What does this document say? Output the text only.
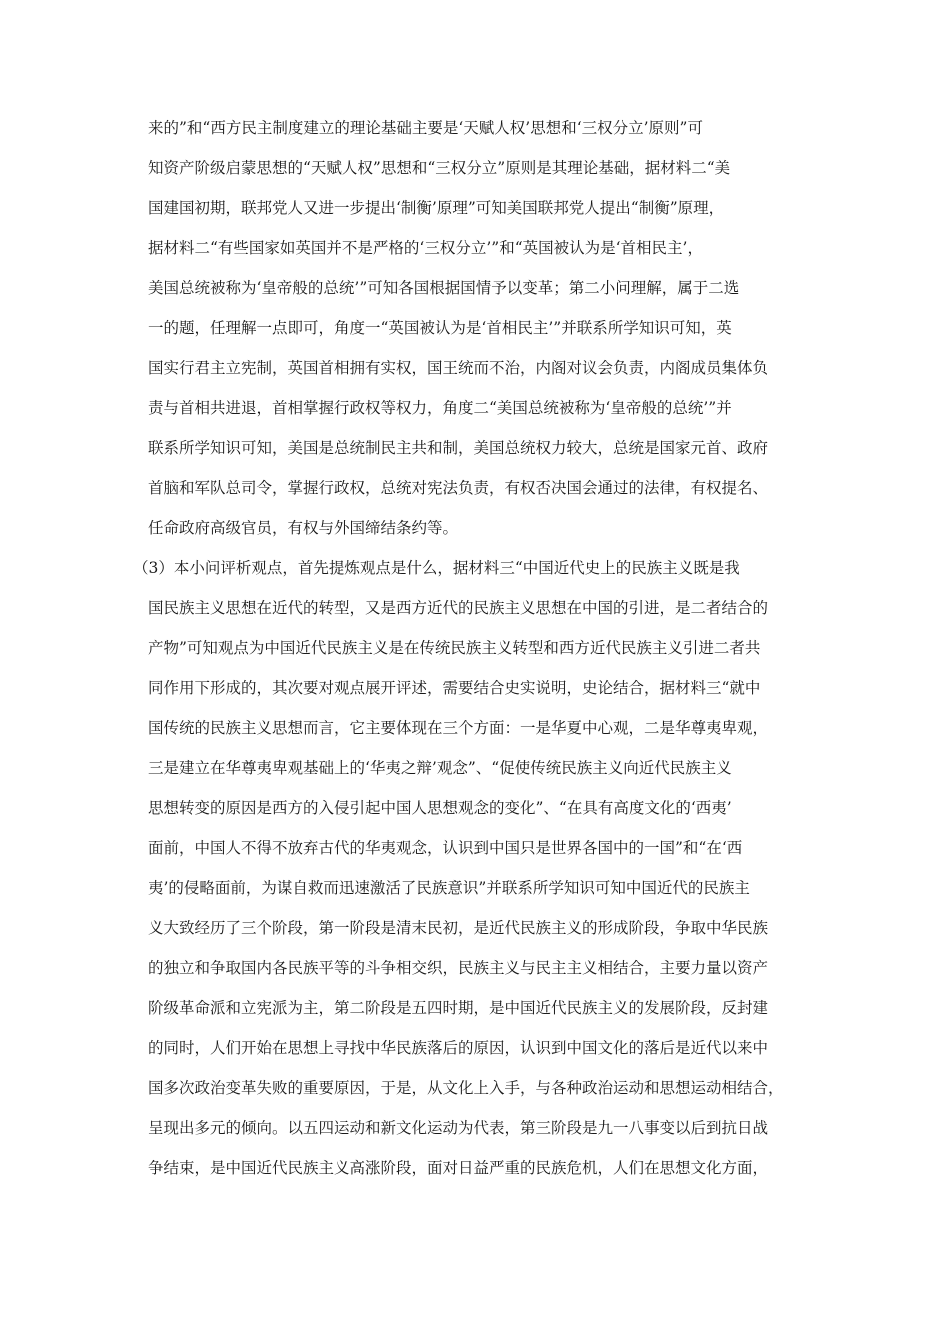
来的”和“西方民主制度建立的理论基础主要是‘天赋人权’思想和‘三权分立’原则”可
知资产阶级启蒙思想的“天赋人权”思想和“三权分立”原则是其理论基础，据材料二“美
国建国初期，联邦党人又进一步提出‘制衡’原理”可知美国联邦党人提出“制衡”原理，
据材料二“有些国家如英国并不是严格的‘三权分立’”和“英国被认为是‘首相民主’，
美国总统被称为‘皇帝般的总统’”可知各国根据国情予以变革；第二小问理解，属于二选
一的题，任理解一点即可，角度一“英国被认为是‘首相民主’”并联系所学知识可知，英
国实行君主立宪制，英国首相拥有实权，国王统而不治，内阁对议会负责，内阁成员集体负
责与首相共进退，首相掌握行政权等权力，角度二“美国总统被称为‘皇帝般的总统’”并
联系所学知识可知，美国是总统制民主共和制，美国总统权力较大，总统是国家元首、政府
首脑和军队总司令，掌握行政权，总统对宪法负责，有权否决国会通过的法律，有权提名、
任命政府高级官员，有权与外国缔结条约等。
（3）本小问评析观点，首先提炼观点是什么，据材料三“中国近代史上的民族主义既是我
国民族主义思想在近代的转型，又是西方近代的民族主义思想在中国的引进，是二者结合的
产物”可知观点为中国近代民族主义是在传统民族主义转型和西方近代民族主义引进二者共
同作用下形成的，其次要对观点展开评述，需要结合史实说明，史论结合，据材料三“就中
国传统的民族主义思想而言，它主要体现在三个方面：一是华夏中心观，二是华尊夷卑观，
三是建立在华尊夷卑观基础上的‘华夷之辩’观念”、“促使传统民族主义向近代民族主义
思想转变的原因是西方的入侵引起中国人思想观念的变化”、“在具有高度文化的‘西夷’
面前，中国人不得不放弃古代的华夷观念，认识到中国只是世界各国中的一国”和“在‘西
夷’的侵略面前，为谋自救而迅速激活了民族意识”并联系所学知识可知中国近代的民族主
义大致经历了三个阶段，第一阶段是清末民初，是近代民族主义的形成阶段，争取中华民族
的独立和争取国内各民族平等的斗争相交织，民族主义与民主主义相结合，主要力量以资产
阶级革命派和立宪派为主，第二阶段是五四时期，是中国近代民族主义的发展阶段，反封建
的同时，人们开始在思想上寻找中华民族落后的原因，认识到中国文化的落后是近代以来中
国多次政治变革失败的重要原因，于是，从文化上入手，与各种政治运动和思想运动相结合，
呈现出多元的倾向。以五四运动和新文化运动为代表，第三阶段是九一八事变以后到抗日战
争结束，是中国近代民族主义高涨阶段，面对日益严重的民族危机，人们在思想文化方面，
